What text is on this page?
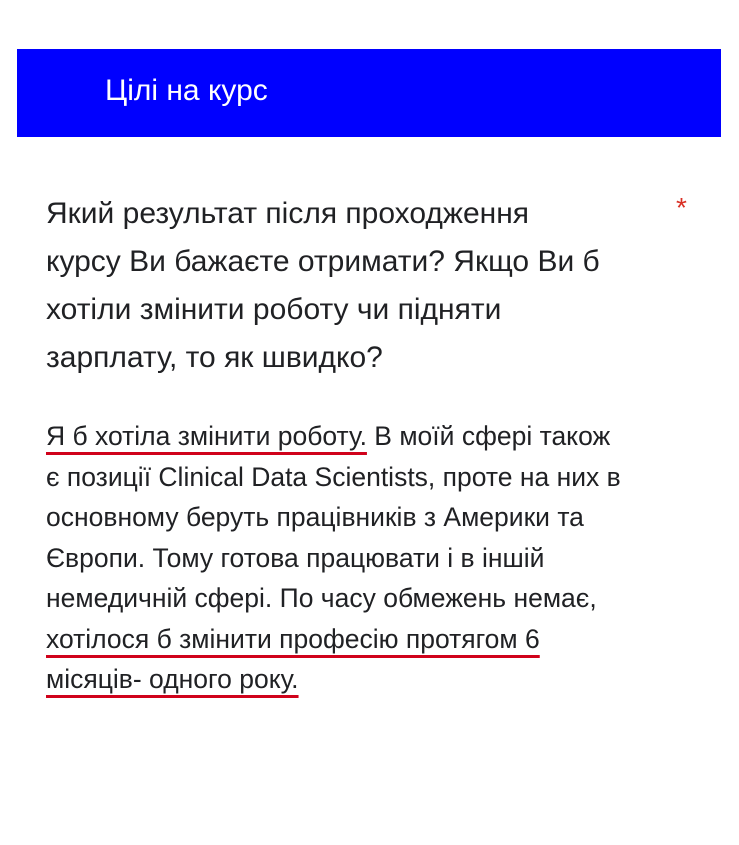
Цілі на курс

Який результат після проходження
курсу Ви бажаєте отримати? Якщо Ви б
хотіли змінити роботу чи підняти
зарплату, то як швидко?

*
Я б хотіла змінити роботу. В моїй сфері також
є позиції Clinical Data Scientists, проте на них в
основному беруть працівників з Америки та
Європи. Тому готова працювати і в іншій
немедичній сфері. По часу обмежень немає,
хотілося б змінити професію протягом 6
місяців- одного року.
